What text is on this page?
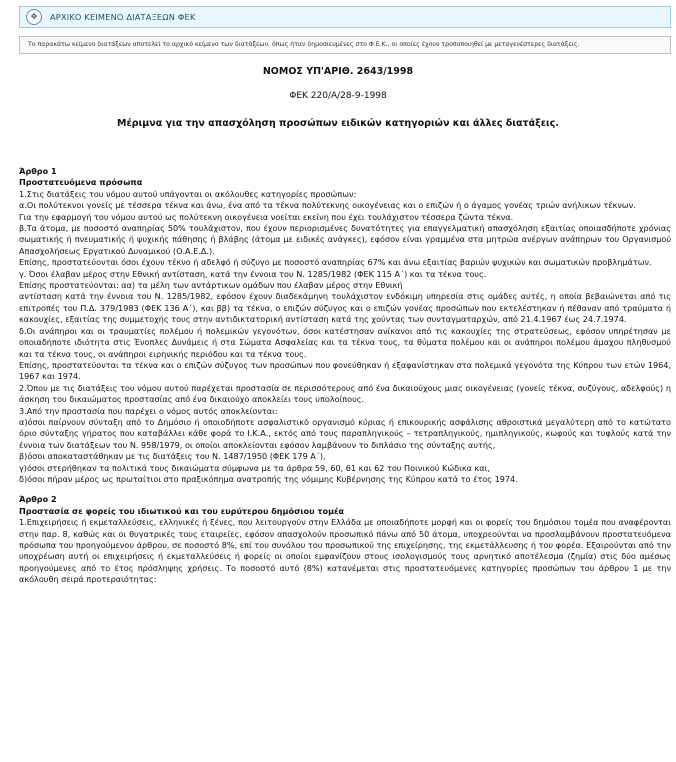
✥	ΑΡΧΙΚΟ ΚΕΙΜΕΝΟ ΔΙΑΤΑΞΕΩΝ ΦΕΚ
Το παρακάτω κείμενο διατάξεων αποτελεί το αρχικό κείμενο των διατάξεων, όπως ήταν δημοσιευμένες στο Φ.Ε.Κ., οι οποίες έχουν τροποποιηθεί με μεταγενέστερες διατάξεις.
ΝΟΜΟΣ ΥΠ'ΑΡΙΘ. 2643/1998
ΦΕΚ 220/Α/28-9-1998
Μέριμνα για την απασχόληση προσώπων ειδικών κατηγοριών και άλλες διατάξεις.

Άρθρο 1

Προστατευόμενα πρόσωπα

1.Στις διατάξεις του νόμου αυτού υπάγονται οι ακόλουθες κατηγορίες προσώπων:

α.Οι πολύτεκνοι γονείς με τέσσερα τέκνα και άνω, ένα από τα τέκνα πολύτεκνης οικογένειας και ο επιζών ή ο άγαμος γονέας τριών ανήλικων τέκνων.

Για την εφαρμογή του νόμου αυτού ως πολύτεκνη οικογένεια νοείται εκείνη που έχει τουλάχιστον τέσσερα ζώντα τέκνα.

β.Τα άτομα, με ποσοστό αναπηρίας 50% τουλάχιστον, που έχουν περιορισμένες δυνατότητες για επαγγελματική απασχόληση εξαιτίας οποιασδήποτε χρόνιας σωματικής ή πνευματικής ή ψυχικής πάθησης ή βλάβης (άτομα με ειδικές ανάγκες), εφόσον είναι γραμμένα στα μητρώα ανέργων ανάπηρων του Οργανισμού Απασχολήσεως Εργατικού Δυναμικού (Ο.Α.Ε.Δ.).

Επίσης, προστατεύονται όσοι έχουν τέκνο ή αδελφό ή σύζυγο με ποσοστό αναπηρίας 67% και άνω εξαιτίας βαριών ψυχικών και σωματικών προβλημάτων.

γ. Όσοι έλαβαν μέρος στην Εθνική αντίσταση, κατά την έννοια του Ν. 1285/1982 (ΦΕΚ 115 Α΄) και τα τέκνα τους.

Επίσης προστατεύονται: αα) τα μέλη των αντάρτικων ομάδων που έλαβαν μέρος στην Εθνική

αντίσταση κατά την έννοια του Ν. 1285/1982, εφόσον έχουν διαδεκάμηνη τουλάχιστον ενδόκιμη υπηρεσία στις ομάδες αυτές, η οποία βεβαιώνεται από τις επιτροπές του Π.Δ. 379/1983 (ΦΕΚ 136 Α΄), και ββ) τα τέκνα, ο επιζών σύζυγος και ο επιζών γονέας προσώπων που εκτελέστηκαν ή πέθαναν από τραύματα ή κακουχίες, εξαιτίας της συμμετοχής τους στην αντιδικτατορική αντίσταση κατά της χούντας των συνταγματαρχών, από 21.4.1967 έως 24.7.1974.

δ.Οι ανάπηροι και οι τραυματίες πολέμου ή πολεμικών γεγονότων, όσοι κατέστησαν ανίκανοι από τις κακουχίες της στρατεύσεως, εφόσον υπηρέτησαν με οποιαδήποτε ιδιότητα στις Ένοπλες Δυνάμεις ή στα Σώματα Ασφαλείας και τα τέκνα τους, τα θύματα πολέμου και οι ανάπηροι πολέμου άμαχου πληθυσμού και τα τέκνα τους, οι ανάπηροι ειρηνικής περιόδου και τα τέκνα τους.

Επίσης, προστατεύονται τα τέκνα και ο επιζών σύζυγος των προσώπων που φονεύθηκαν ή εξαφανίστηκαν στα πολεμικά γεγονότα της Κύπρου των ετών 1964, 1967 και 1974.

2.Όπου με τις διατάξεις του νόμου αυτού παρέχεται προστασία σε περισσότερους από ένα δικαιούχους μιας οικογένειας (γονείς τέκνα, συζύγους, αδελφούς) η άσκηση του δικαιώματος προστασίας από ένα δικαιούχο αποκλείει τους υπολοίπους.

3.Από την προστασία που παρέχει ο νόμος αυτός αποκλείονται:

α)όσοι παίρνουν σύνταξη από το Δημόσιο ή οποιοδήποτε ασφαλιστικό οργανισμό κύριας ή επικουρικής ασφάλισης αθροιστικά μεγαλύτερη από το κατώτατο όριο σύνταξης γήρατος που καταβάλλει κάθε φορά το Ι.Κ.Α., εκτός από τους παραπληγικούς – τετραπληγικούς, ημιπληγικούς, κωφούς και τυφλούς κατά την έννοια των διατάξεων του Ν. 958/1979, οι οποίοι αποκλείονται εφόσον λαμβάνουν το διπλάσιο της σύνταξης αυτής,

β)όσοι αποκαταστάθηκαν με τις διατάξεις του Ν. 1487/1950 (ΦΕΚ 179 Α΄),

γ)όσοι στερήθηκαν τα πολιτικά τους δικαιώματα σύμφωνα με τα άρθρα 59, 60, 61 και 62 του Ποινικού Κώδικα και,

δ)όσοι πήραν μέρος ως πρωταίτιοι στο πραξικόπημα ανατροπής της νόμιμης Κυβέρνησης της Κύπρου κατά το έτος 1974.

Άρθρο 2

Προστασία σε φορείς του ιδιωτικού και του ευρύτερου δημόσιου τομέα

1.Επιχειρήσεις ή εκμεταλλεύσεις, ελληνικές ή ξένες, που λειτουργούν στην Ελλάδα με οποιαδήποτε μορφή και οι φορείς του δημόσιου τομέα που αναφέρονται στην παρ. 8, καθώς και οι θυγατρικές τους εταιρείες, εφόσον απασχολούν προσωπικό πάνω από 50 άτομα, υποχρεούνται να προσλαμβάνουν προστατευόμενα πρόσωπα του προηγούμενου άρθρου, σε ποσοστό 8%, επί του συνόλου του προσωπικού της επιχείρησης, της εκμετάλλευσης ή του φορέα. Εξαιρούνται από την υποχρέωση αυτή οι επιχειρήσεις ή εκμεταλλεύσεις ή φορείς οι οποίοι εμφανίζουν στους ισολογισμούς τους αρνητικό αποτέλεσμα (ζημία) στις δύο αμέσως προηγούμενες από το έτος πρόσληψης χρήσεις. Το ποσοστό αυτό (8%) κατανέμεται στις προστατευόμενες κατηγορίες προσώπων του άρθρου 1 με την ακόλουθη σειρά προτεραιότητας:
